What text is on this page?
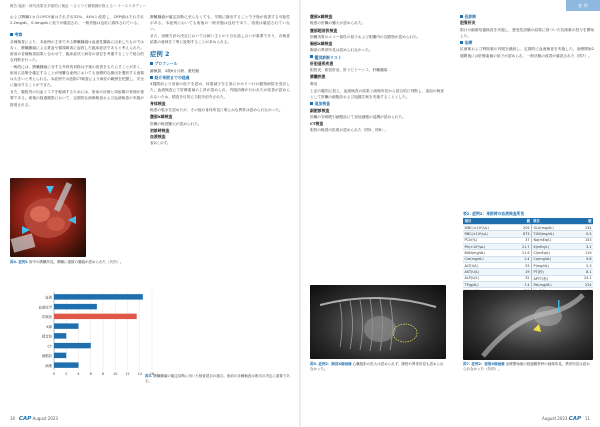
報告 臨床・研究成果を多面的に検証 ～ひとりで顕微鏡が扱える～ ケーススタディー

および脾臓1カ月のPCV値はそれぞれ32%、44%と改善し、CRP値はそれぞれ2.2mg/dL、0.4mg/dLと低下が確認され、一般状態は良好に維持されている。

考察

各種検査により、本症例の主体である脾臓腫瘤は血液性腫瘍に由来したものではなく、脾臓腫瘤による貧血や循環障害に起因した臨床症状であると考えられた。術前の各種検査結果と合わせて、臨床症状と病変の部位を考慮することで総合的な判断を行った。

一般的には、脾臓腫瘤に対する外科的切除は予後の改善をもたらすことが多く、術前に診断を確定することが困難な症例においても治療的な摘出を選択する意義は大きいと考えられる。本症例では造影CT検査により病変の範囲を把握し、安全に摘出することができた。

また、腹腔内の出血リスクを軽減するためには、術前の評価と周術期の管理が重要である。術後の経過観察において、定期的な画像検査および血液検査の実施が推奨される。

脾臓腫瘤が確定診断に至らなくても、早期に摘出することで予後が改善する可能性がある。本症例においても術後の一般状態は良好であり、再発は確認されていない。

また、治療方針の決定においては飼い主との十分な話し合いが重要であり、各検査結果の意味を丁寧に説明することが求められる。

症例 2
プロフィール

雑種猫、4歳6カ月齢、避妊雌

紹介来院までの経過

4週間前より食欲の低下を認め、体重減少を主訴にかかりつけの動物病院を受診した。血液検査にて肝酵素値の上昇が認められ、内服治療が行われたが改善が認められないため、精査を目的に当院を紹介された。

身体検査

軽度の脱水を認めたが、その他の身体所見に明らかな異常は認められなかった。

腹部X線検査

肝臓の軽度腫大が認められた。

初診時検査
血液検査

表2に示す。

図4. 症例1 術中の脾臓所見。脾臓に複数の腫瘤が認められた（矢印）。
0	2	4	6	8	10 12 14 16
血液
血液化学
尿検査
X線
超音波
CT
細胞診
病理
図3. 脾臓腫瘤の確定診断に用いた検査項目の割合。術前の各種検査は術式の決定に重要である。
10 CAP August 2023
症 例
腹部X線検査

軽度の肝臓の腫大が認められた。

腹部超音波検査

肝臓実質のエコー源性の低下および胆嚢内の沈殿物が認められた。

胸部X線検査

胸部の異常所見は認められなかった。

鑑別診断リスト
肝胆道系疾患

胆管炎、胆管肝炎、肝リピドーシス、肝臓腫瘍

膵臓疾患

膵炎

上記の鑑別に加え、血液検査の結果と画像所見から総合的に判断し、追加の検査として肝臓の細胞診および組織生検を実施することとした。

追加検査
細胞診検査

肝臓の穿刺吸引細胞診にて炎症細胞の浸潤が認められた。

CT検査

胆管の軽度の拡張が認められた（図5、図6）。

仮診断
胆管肝炎

胆汁の細菌培養検査を実施し、感受性試験の結果に基づいた抗菌薬の投与を開始した。

治療

抗菌薬および利胆薬の内服を継続し、定期的に血液検査を実施した。治療開始2週間後には肝酵素値の低下が認められ、一般状態の改善が確認された（図7）。

図5. 症例2：胸部X線画像 心臓陰影の拡大は認められず、肺野の異常所見も認められなかった。
表2. 症例2：来院時の血液検査所見
項目	値	項目	値
WBC(×10²/μL)	205	GLU(mg/dL)	134
RBC(×10⁴/μL)	873	T-Bil(mg/dL)	0.5
PCV(%)	37	Na(mEq/L)	153
Plt(×10⁴/μL)	21.7	K(mEq/L)	3.2
BUN(mg/dL)	21.9	Cl(mEq/L)	119
Cre(mg/dL)	1.4	Ca(mg/dL)	9.8
ALT(U/L)	53	P(mg/dL)	2.3
AST(U/L)	29	PT(秒)	8.1
ALP(U/L)	32	APTT(秒)	23.1
TP(g/dL)	7.4	Fib(mg/dL)	224

図7. 症例2：術後X線画像 治療開始後の経過観察時の画像所見。異常所見は認められなかった（矢印）。
August 2023 CAP 11
